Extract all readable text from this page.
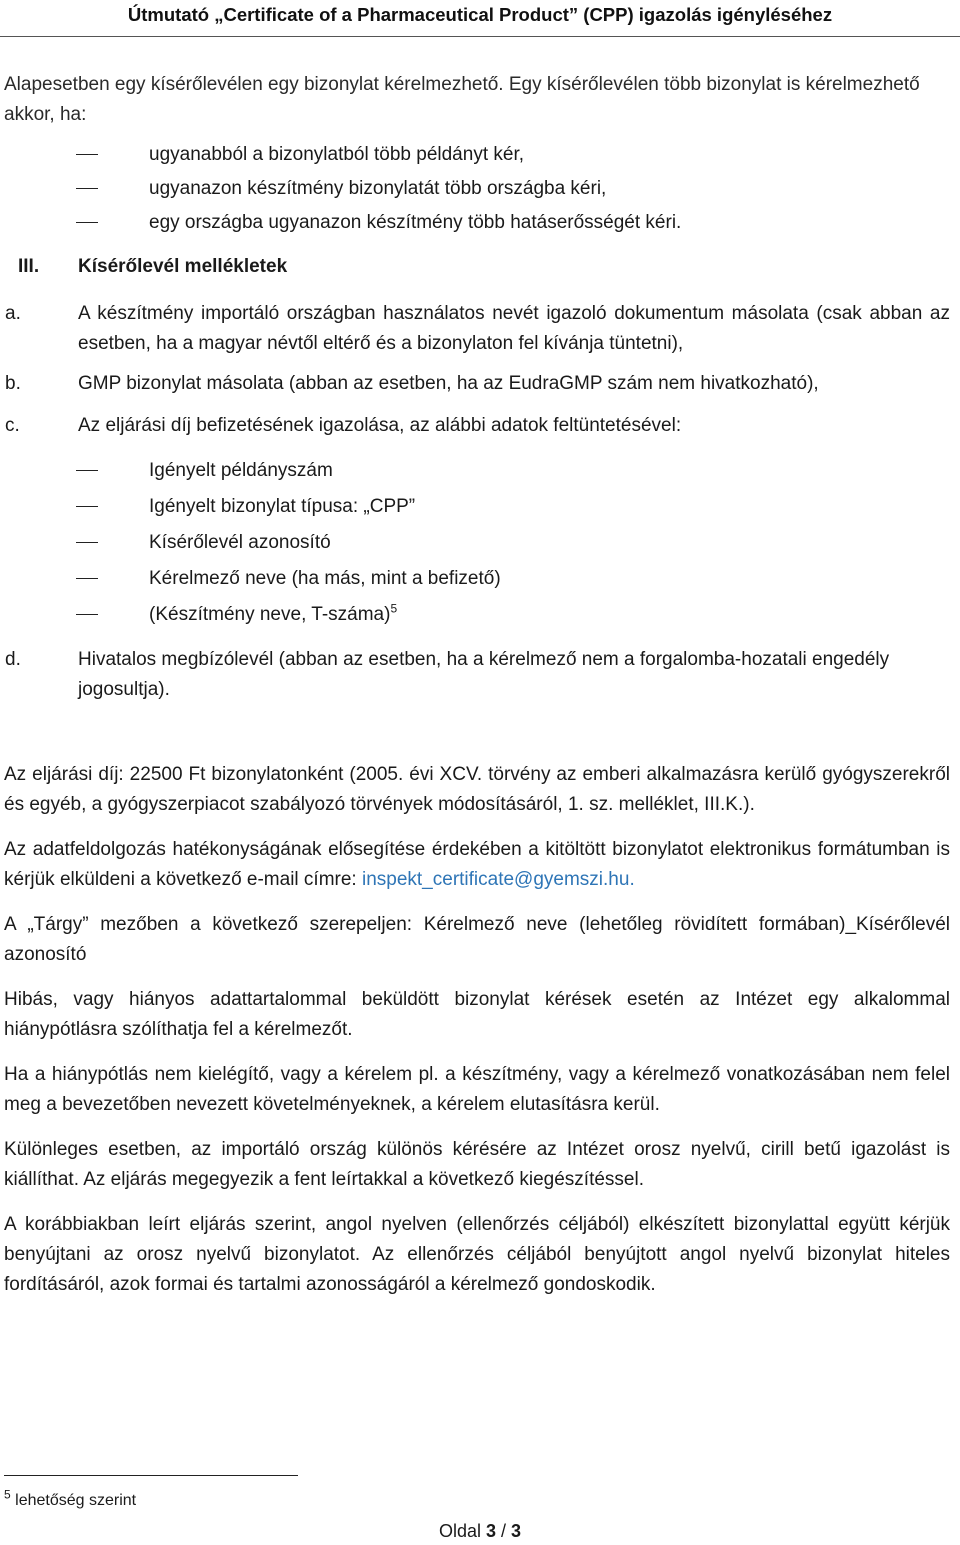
Útmutató „Certificate of a Pharmaceutical Product” (CPP) igazolás igényléséhez

Alapesetben egy kísérőlevélen egy bizonylat kérelmezhető. Egy kísérőlevélen több bizonylat is kérelmezhető akkor, ha:

ugyanabból a bizonylatból több példányt kér,
ugyanazon készítmény bizonylatát több országba kéri,
egy országba ugyanazon készítmény több hatáserősségét kéri.
III.	Kísérőlevél mellékletek
a.	A készítmény importáló országban használatos nevét igazoló dokumentum másolata (csak abban az esetben, ha a magyar névtől eltérő és a bizonylaton fel kívánja tüntetni),
b.	GMP bizonylat másolata (abban az esetben, ha az EudraGMP szám nem hivatkozható),
c.	Az eljárási díj befizetésének igazolása, az alábbi adatok feltüntetésével:
Igényelt példányszám
Igényelt bizonylat típusa: „CPP”
Kísérőlevél azonosító
Kérelmező neve (ha más, mint a befizető)
(Készítmény neve, T-száma)$^5$
d.	Hivatalos megbízólevél (abban az esetben, ha a kérelmező nem a forgalomba-hozatali engedély jogosultja).

Az eljárási díj: 22500 Ft bizonylatonként (2005. évi XCV. törvény az emberi alkalmazásra kerülő gyógyszerekről és egyéb, a gyógyszerpiacot szabályozó törvények módosításáról, 1. sz. melléklet, III.K.).

Az adatfeldolgozás hatékonyságának elősegítése érdekében a kitöltött bizonylatot elektronikus formátumban is kérjük elküldeni a következő e-mail címre: inspekt_certificate@gyemszi.hu.

A „Tárgy” mezőben a következő szerepeljen: Kérelmező neve (lehetőleg rövidített formában)_Kísérőlevél azonosító

Hibás, vagy hiányos adattartalommal beküldött bizonylat kérések esetén az Intézet egy alkalommal hiánypótlásra szólíthatja fel a kérelmezőt.

Ha a hiánypótlás nem kielégítő, vagy a kérelem pl. a készítmény, vagy a kérelmező vonatkozásában nem felel meg a bevezetőben nevezett követelményeknek, a kérelem elutasításra kerül.

Különleges esetben, az importáló ország különös kérésére az Intézet orosz nyelvű, cirill betű igazolást is kiállíthat. Az eljárás megegyezik a fent leírtakkal a következő kiegészítéssel.

A korábbiakban leírt eljárás szerint, angol nyelven (ellenőrzés céljából) elkészített bizonylattal együtt kérjük benyújtani az orosz nyelvű bizonylatot. Az ellenőrzés céljából benyújtott angol nyelvű bizonylat hiteles fordításáról, azok formai és tartalmi azonosságáról a kérelmező gondoskodik.

$^5$ lehetőség szerint
Oldal 3 / 3
